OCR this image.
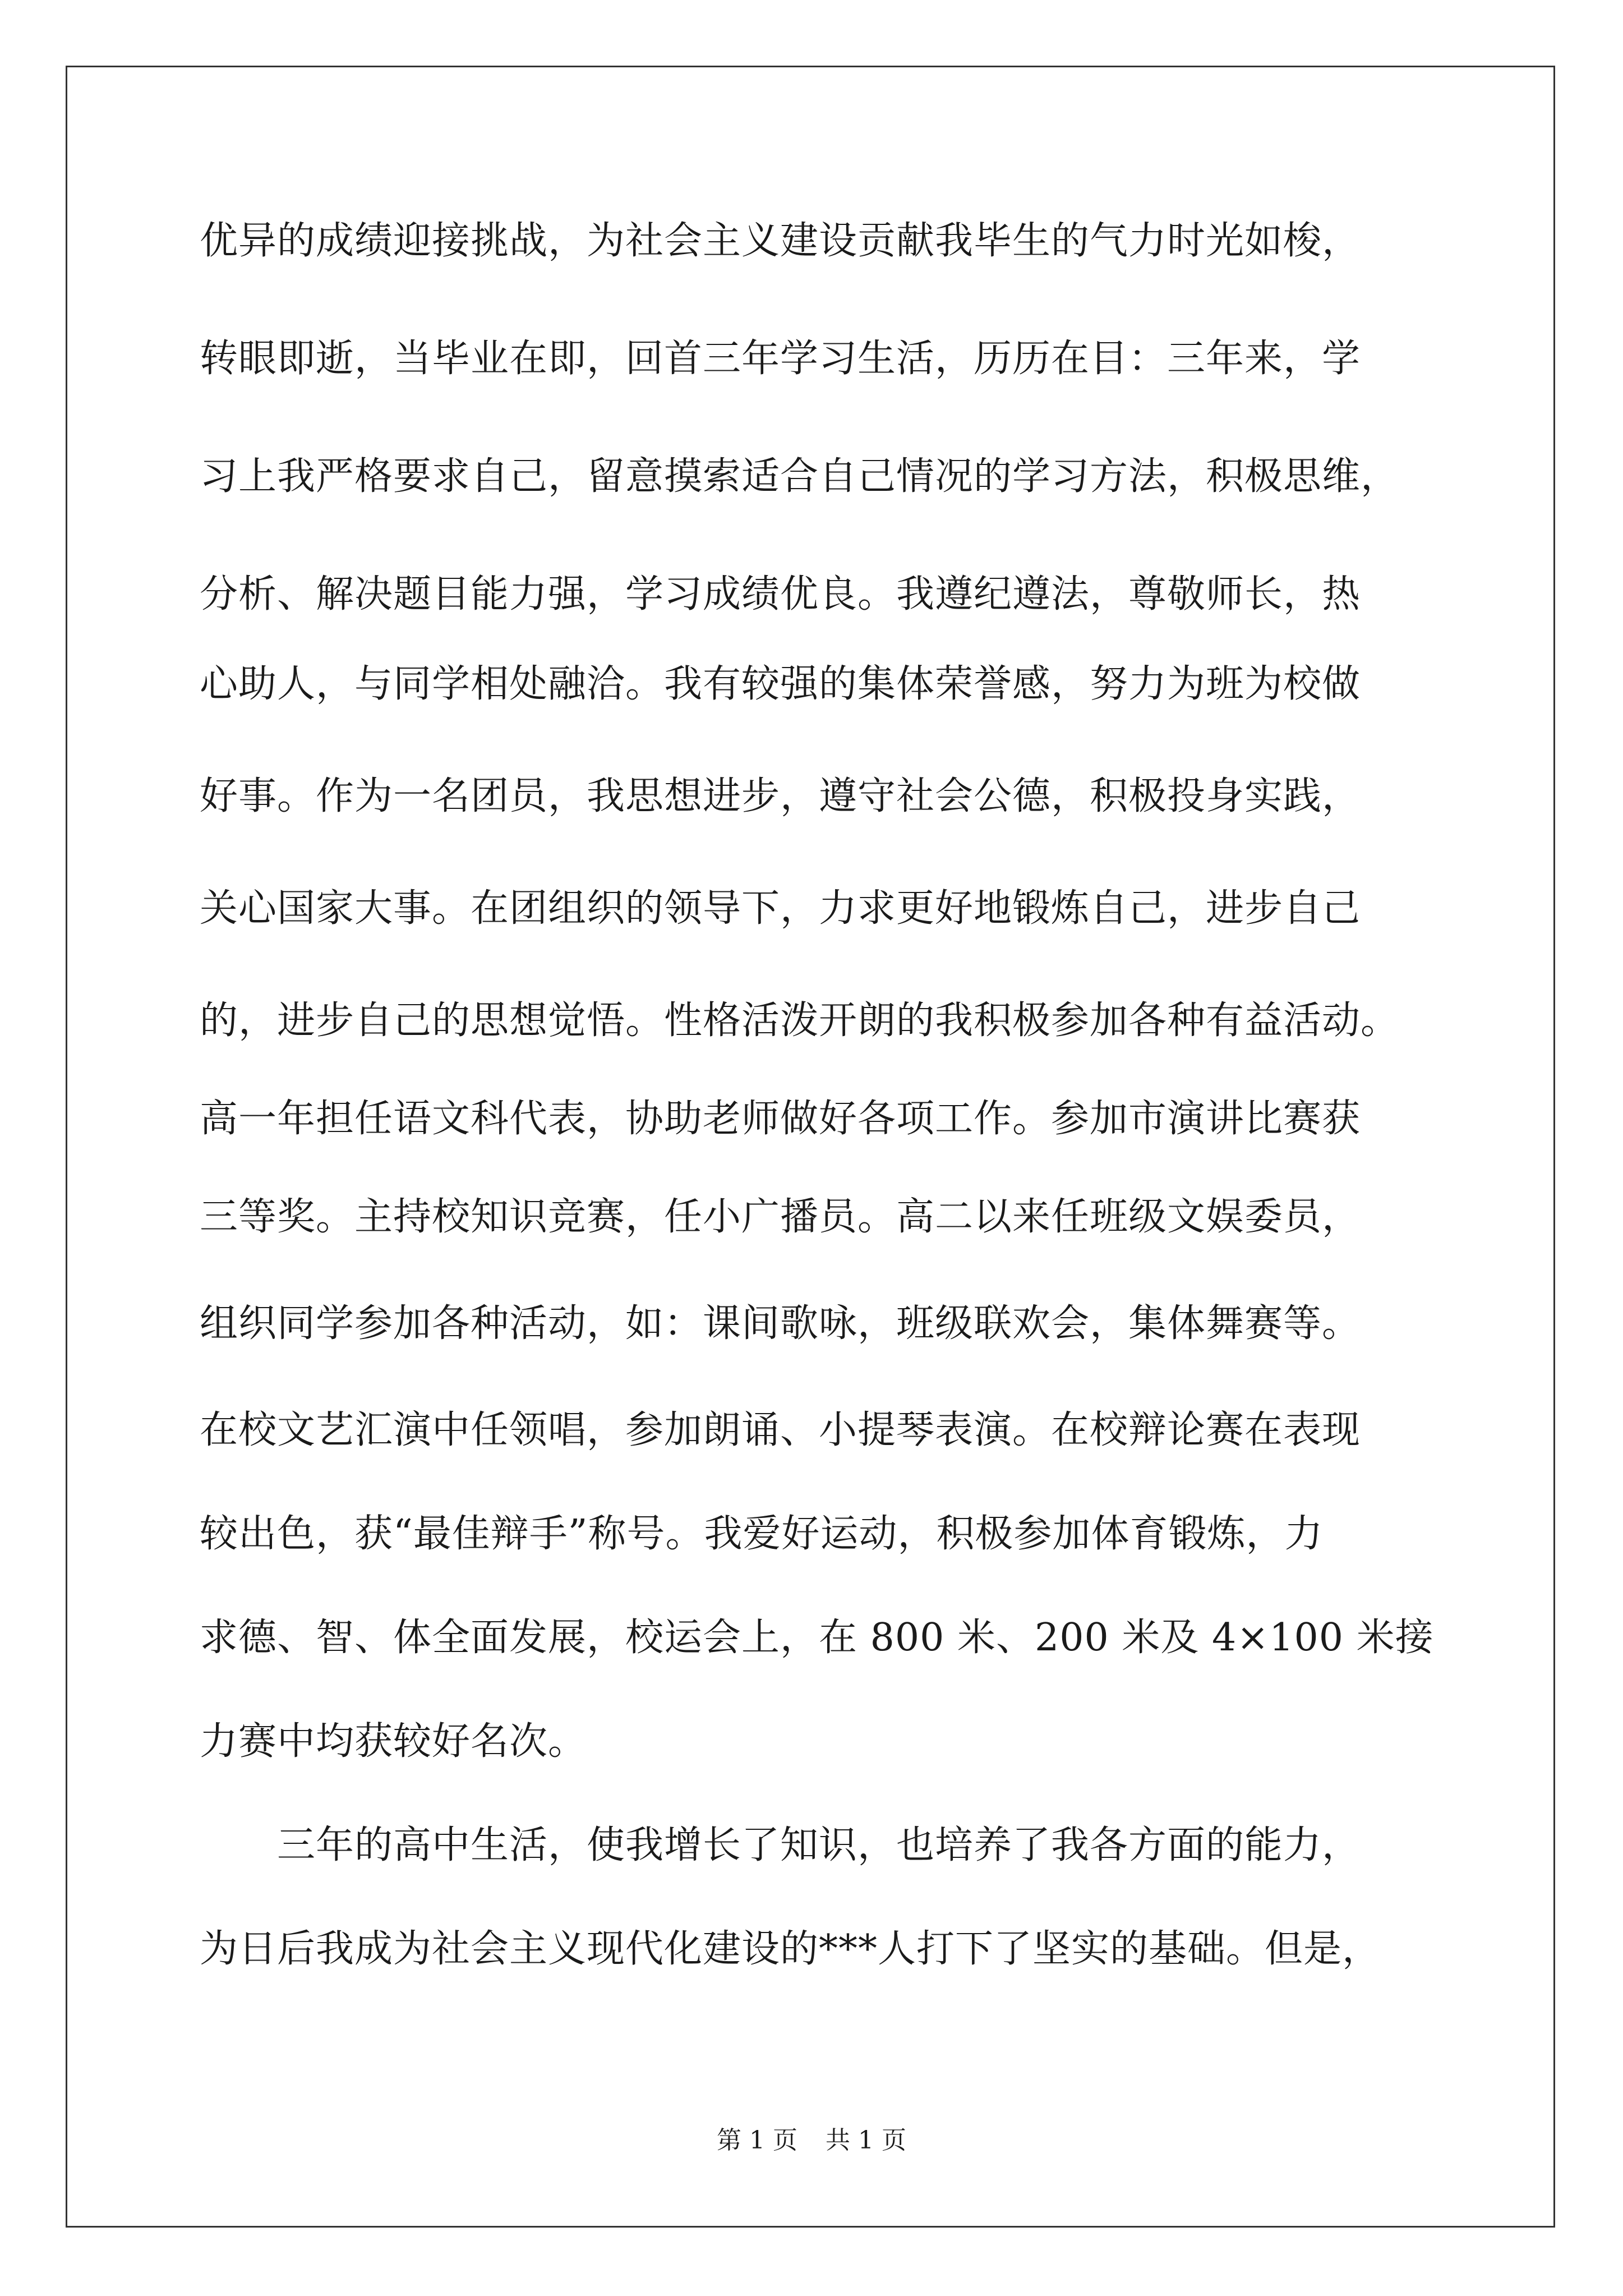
优异的成绩迎接挑战，为社会主义建设贡献我毕生的气力时光如梭，
转眼即逝，当毕业在即，回首三年学习生活，历历在目：三年来，学
习上我严格要求自己，留意摸索适合自己情况的学习方法，积极思维，
分析、解决题目能力强，学习成绩优良。我遵纪遵法，尊敬师长，热
心助人，与同学相处融洽。我有较强的集体荣誉感，努力为班为校做
好事。作为一名团员，我思想进步，遵守社会公德，积极投身实践，
关心国家大事。在团组织的领导下，力求更好地锻炼自己，进步自己
的，进步自己的思想觉悟。性格活泼开朗的我积极参加各种有益活动。
高一年担任语文科代表，协助老师做好各项工作。参加市演讲比赛获
三等奖。主持校知识竞赛，任小广播员。高二以来任班级文娱委员，
组织同学参加各种活动，如：课间歌咏，班级联欢会，集体舞赛等。
在校文艺汇演中任领唱，参加朗诵、小提琴表演。在校辩论赛在表现
较出色，获“最佳辩手”称号。我爱好运动，积极参加体育锻炼，力
求德、智、体全面发展，校运会上，在 800 米、200 米及 4×100 米接
力赛中均获较好名次。
　　三年的高中生活，使我增长了知识，也培养了我各方面的能力，
为日后我成为社会主义现代化建设的***人打下了坚实的基础。但是，
第 1 页 共 1 页
